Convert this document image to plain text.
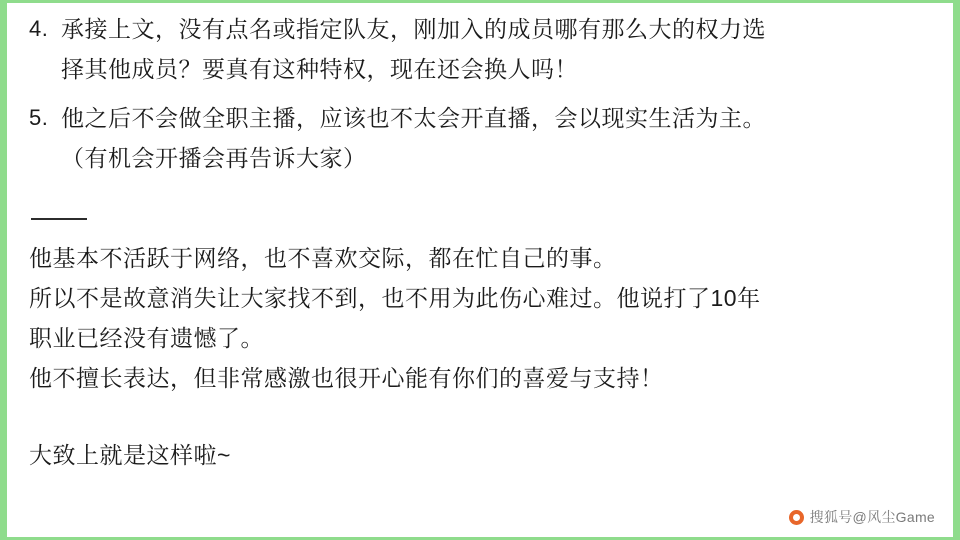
4. 承接上文，没有点名或指定队友，刚加入的成员哪有那么大的权力选
择其他成员？要真有这种特权，现在还会换人吗！
5. 他之后不会做全职主播，应该也不太会开直播，会以现实生活为主。
（有机会开播会再告诉大家）
他基本不活跃于网络，也不喜欢交际，都在忙自己的事。
所以不是故意消失让大家找不到，也不用为此伤心难过。他说打了10年
职业已经没有遗憾了。
他不擅长表达，但非常感激也很开心能有你们的喜爱与支持！
大致上就是这样啦~
搜狐号@风尘Game
